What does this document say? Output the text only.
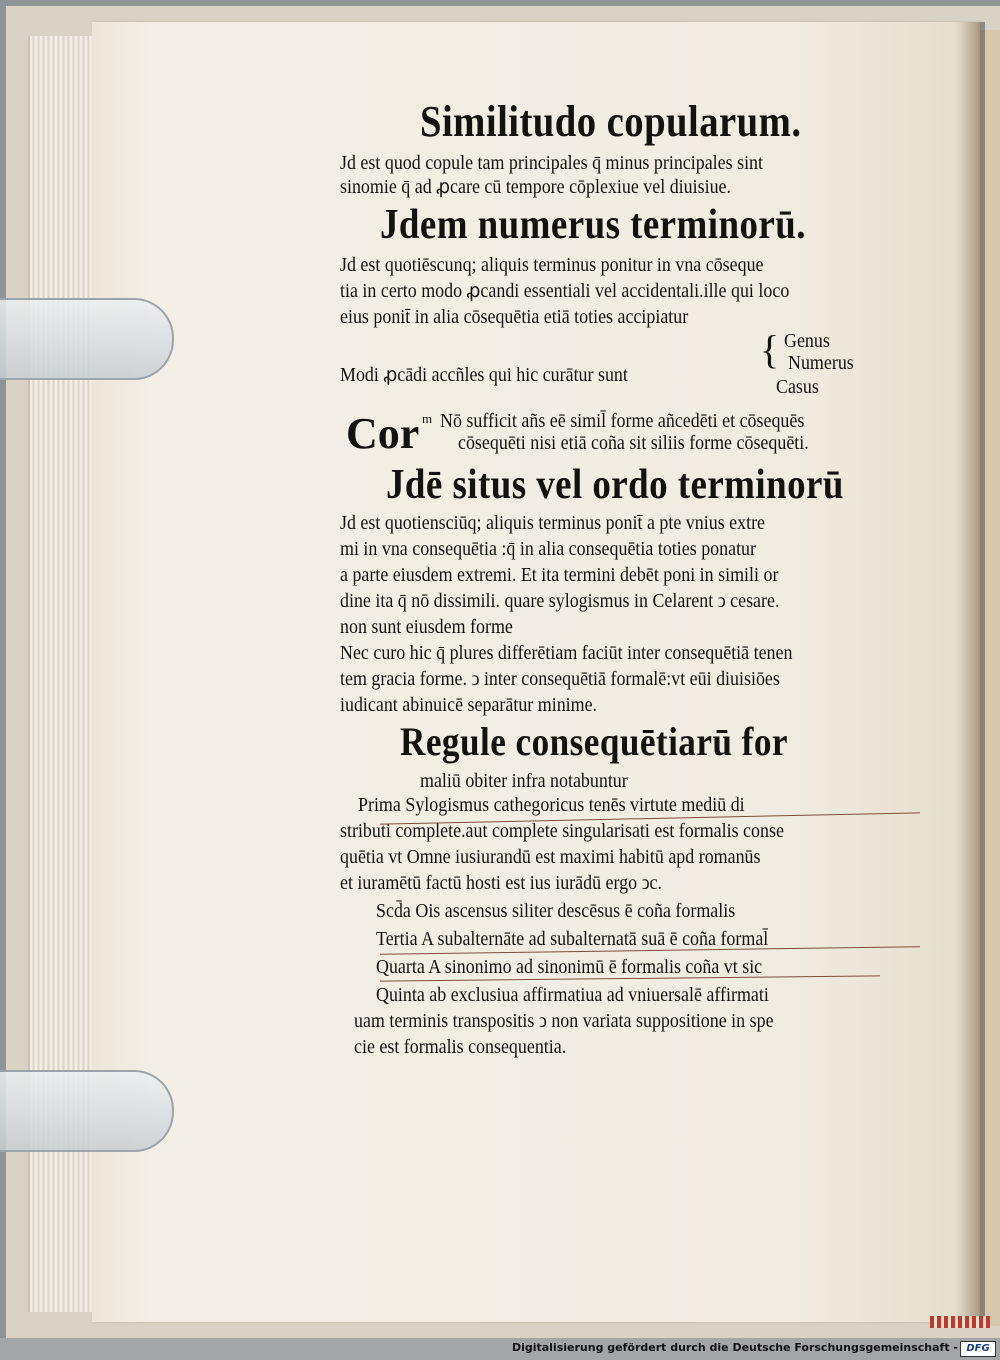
Similitudo copularum.
Jd est quod copule tam principales q̄ minus principales sint
sinomie q̄ ad ꝓcare cū tempore cōplexiue vel diuisiue.
Jdem numerus terminorū.
Jd est quotiēscunq; aliquis terminus ponitur in vna cōseque
tia in certo modo ꝓcandi essentiali vel accidentali.ille qui loco
eius ponit̄ in alia cōsequētia etiā toties accipiatur
Modi ꝓcādi accñles qui hic curātur sunt
{ Genus
Numerus
Casus
Cor m Nō sufficit añs eē simil̄ forme añcedēti et cōsequēs
cōsequēti nisi etiā coña sit siliis forme cōsequēti.
Jdē situs vel ordo terminorū
Jd est quotiensciūq; aliquis terminus ponit̄ a pte vnius extre
mi in vna consequētia :q̄ in alia consequētia toties ponatur
a parte eiusdem extremi. Et ita termini debēt poni in simili or
dine ita q̄ nō dissimili. quare sylogismus in Celarent ↄ cesare.
non sunt eiusdem forme
Nec curo hic q̄ plures differētiam faciūt inter consequētiā tenen
tem gracia forme. ↄ inter consequētiā formalē:vt eūi diuisiōes
iudicant abinuicē separātur minime.
Regule consequētiarū for
maliū obiter infra notabuntur
Prima Sylogismus cathegoricus tenēs virtute mediū di
stributi complete.aut complete singularisati est formalis conse
quētia vt Omne iusiurandū est maximi habitū apd romanūs
et iuramētū factū hosti est ius iurādū ergo ↄc.
Scd̄a Ois ascensus siliter descēsus ē coña formalis
Tertia A subalternāte ad subalternatā suā ē coña formal̄
Quarta A sinonimo ad sinonimū ē formalis coña vt sic
Quinta ab exclusiua affirmatiua ad vniuersalē affirmati
uam terminis transpositis ↄ non variata suppositione in spe
cie est formalis consequentia.
Digitalisierung gefördert durch die Deutsche Forschungsgemeinschaft - DFG
